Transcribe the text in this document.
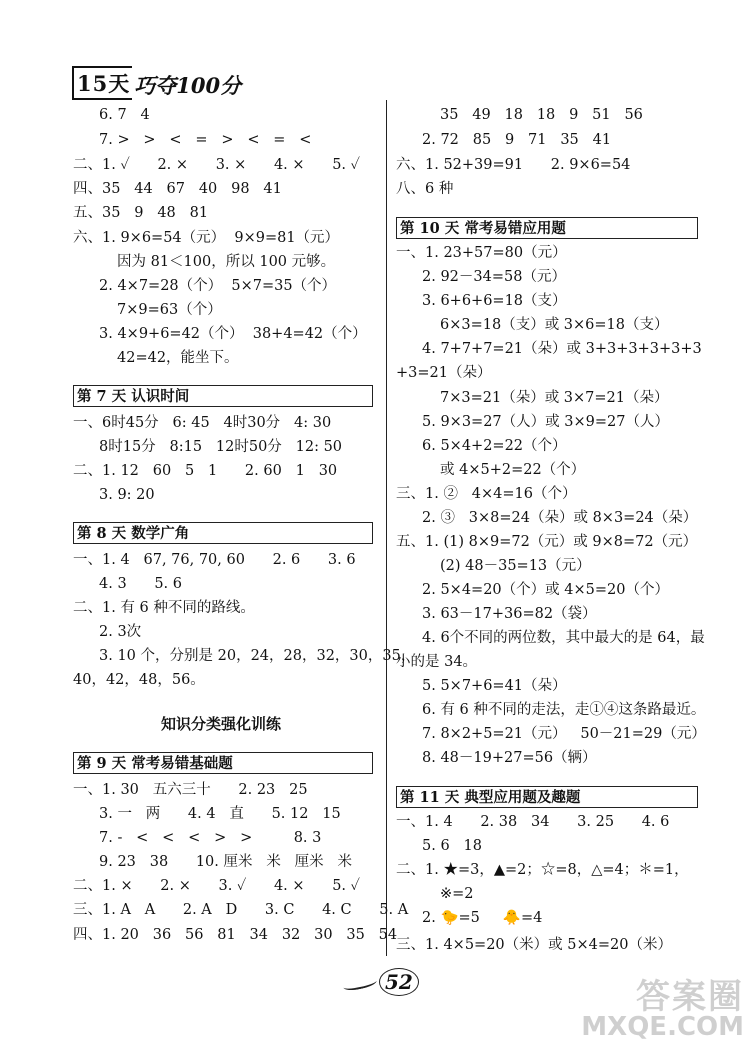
15天 巧夺100分
6. 7   4
7. >   >   <   =   >   <   =   <
二、1. ✓      2. ×      3. ×      4. ×      5. ✓
四、35   44   67   40   98   41
五、35   9   48   81
六、1. 9×6=54（元）  9×9=81（元）
因为 81＜100，所以 100 元够。
2. 4×7=28（个）  5×7=35（个）
7×9=63（个）
3. 4×9+6=42（个）  38+4=42（个）
42=42，能坐下。
第 7 天 认识时间
一、6时45分   6: 45   4时30分   4: 30
8时15分   8:15   12时50分   12: 50
二、1. 12   60   5   1      2. 60   1   30
3. 9: 20
第 8 天 数学广角
一、1. 4   67, 76, 70, 60      2. 6      3. 6
4. 3      5. 6
二、1. 有 6 种不同的路线。
2. 3次
3. 10 个，分别是 20，24，28，32，30，35，
40，42，48，56。
知识分类强化训练
第 9 天 常考易错基础题
一、1. 30   五六三十      2. 23   25
3. 一   两      4. 4   直      5. 12   15
7. -   <   <   <   >   >         8. 3
9. 23   38      10. 厘米   米   厘米   米
二、1. ×      2. ×      3. ✓      4. ×      5. ✓
三、1. A   A      2. A   D      3. C      4. C      5. A
四、1. 20   36   56   81   34   32   30   35   54
35   49   18   18   9   51   56
2. 72   85   9   71   35   41
六、1. 52+39=91      2. 9×6=54
八、6 种
第 10 天 常考易错应用题
一、1. 23+57=80（元）
2. 92－34=58（元）
3. 6+6+6=18（支）
6×3=18（支）或 3×6=18（支）
4. 7+7+7=21（朵）或 3+3+3+3+3+3
+3=21（朵）
7×3=21（朵）或 3×7=21（朵）
5. 9×3=27（人）或 3×9=27（人）
6. 5×4+2=22（个）
或 4×5+2=22（个）
三、1. ②   4×4=16（个）
2. ③   3×8=24（朵）或 8×3=24（朵）
五、1. (1) 8×9=72（元）或 9×8=72（元）
(2) 48－35=13（元）
2. 5×4=20（个）或 4×5=20（个）
3. 63－17+36=82（袋）
4. 6个不同的两位数，其中最大的是 64，最
小的是 34。
5. 5×7+6=41（朵）
6. 有 6 种不同的走法，走①④这条路最近。
7. 8×2+5=21（元）   50－21=29（元）
8. 48－19+27=56（辆）
第 11 天 典型应用题及趣题
一、1. 4      2. 38   34      3. 25      4. 6
5. 6   18
二、1. ★=3，▲=2；☆=8，△=4；＊=1，
※=2
2. 🐤=5     🐥=4
三、1. 4×5=20（米）或 5×4=20（米）
52	答案圈
MXQE.COM
